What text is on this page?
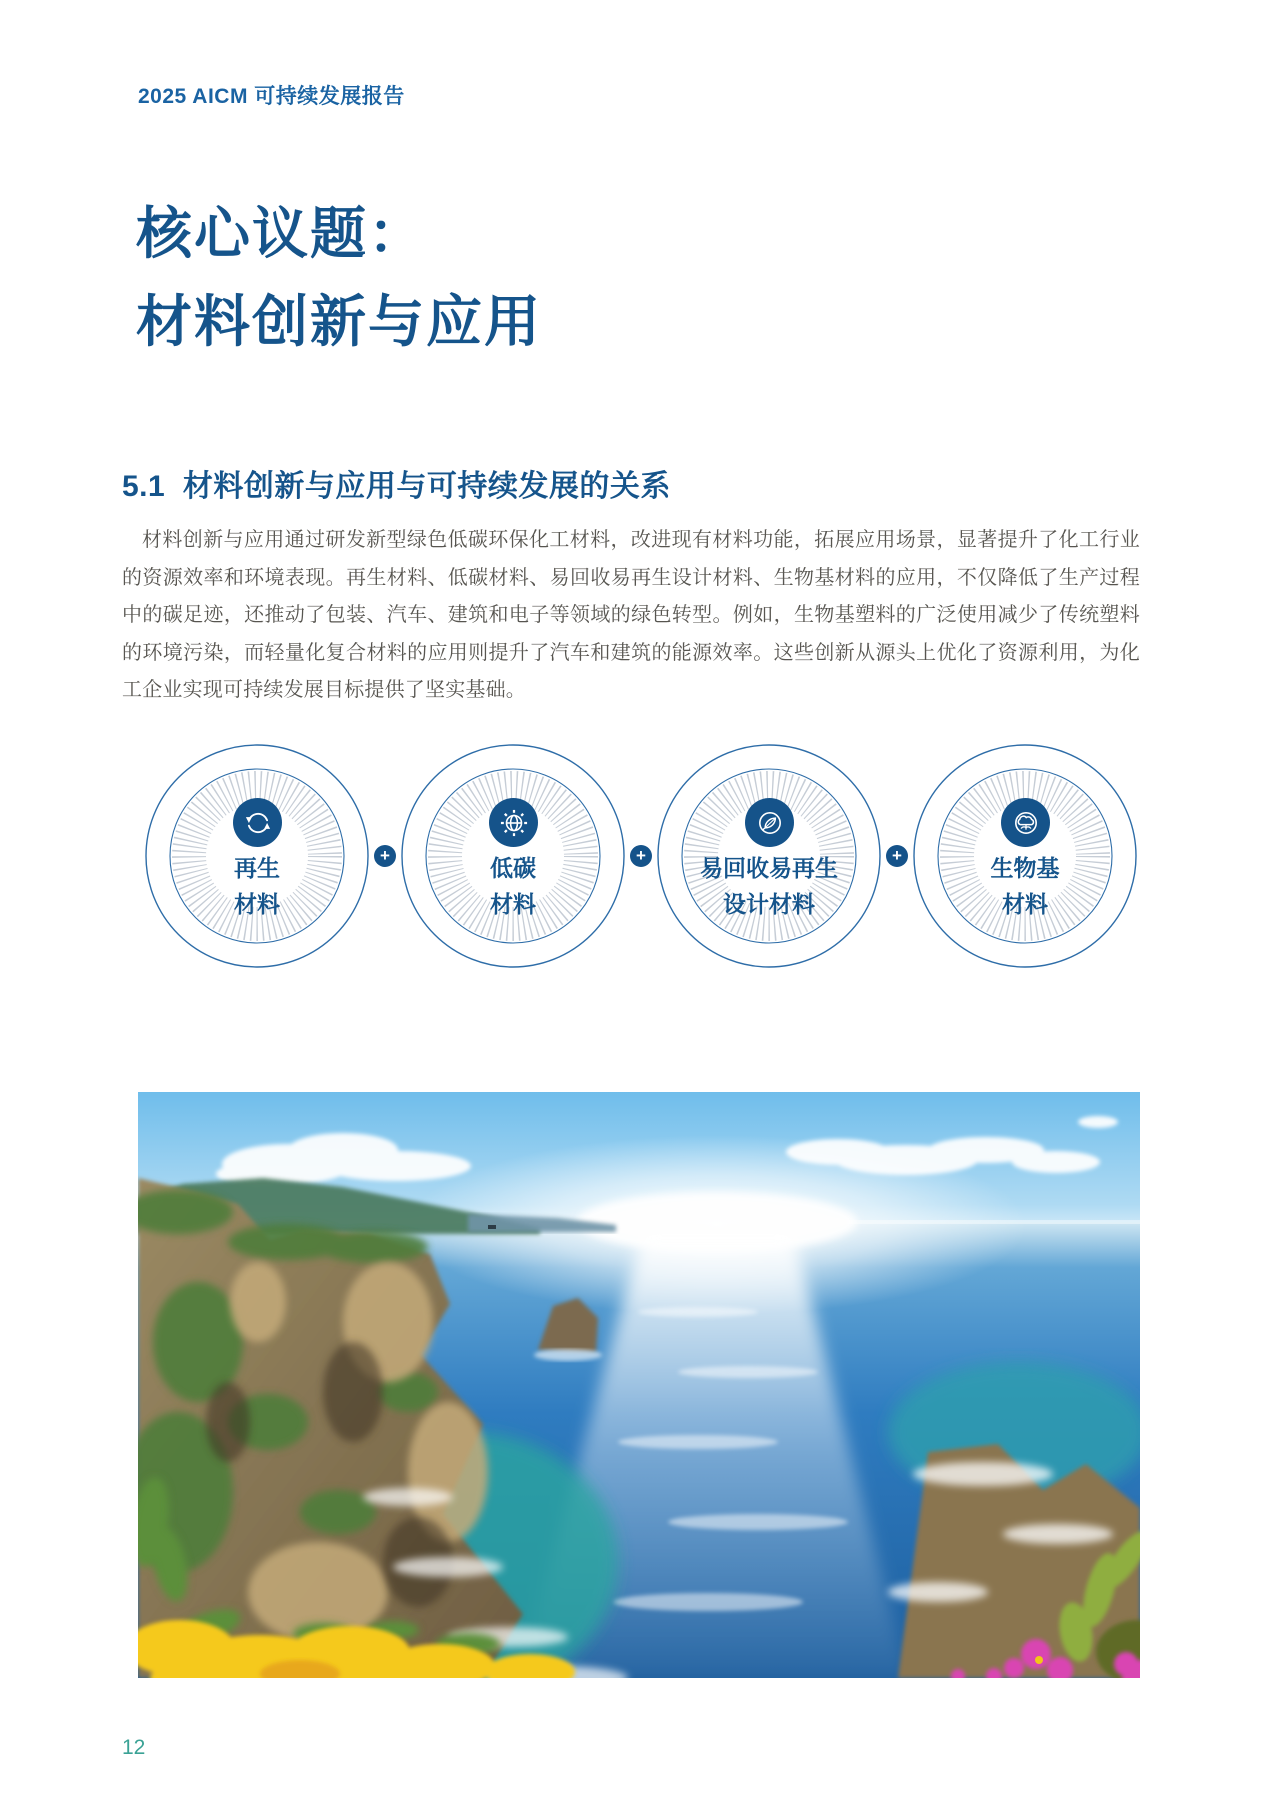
2025 AICM 可持续发展报告
核心议题：
材料创新与应用
5.1  材料创新与应用与可持续发展的关系
材料创新与应用通过研发新型绿色低碳环保化工材料，改进现有材料功能，拓展应用场景，显著提升了化工行业的资源效率和环境表现。再生材料、低碳材料、易回收易再生设计材料、生物基材料的应用，不仅降低了生产过程中的碳足迹，还推动了包装、汽车、建筑和电子等领域的绿色转型。例如，生物基塑料的广泛使用减少了传统塑料的环境污染，而轻量化复合材料的应用则提升了汽车和建筑的能源效率。这些创新从源头上优化了资源利用，为化工企业实现可持续发展目标提供了坚实基础。
再生
材料
低碳
材料
易回收易再生
设计材料
生物基
材料
+	+	+
12
